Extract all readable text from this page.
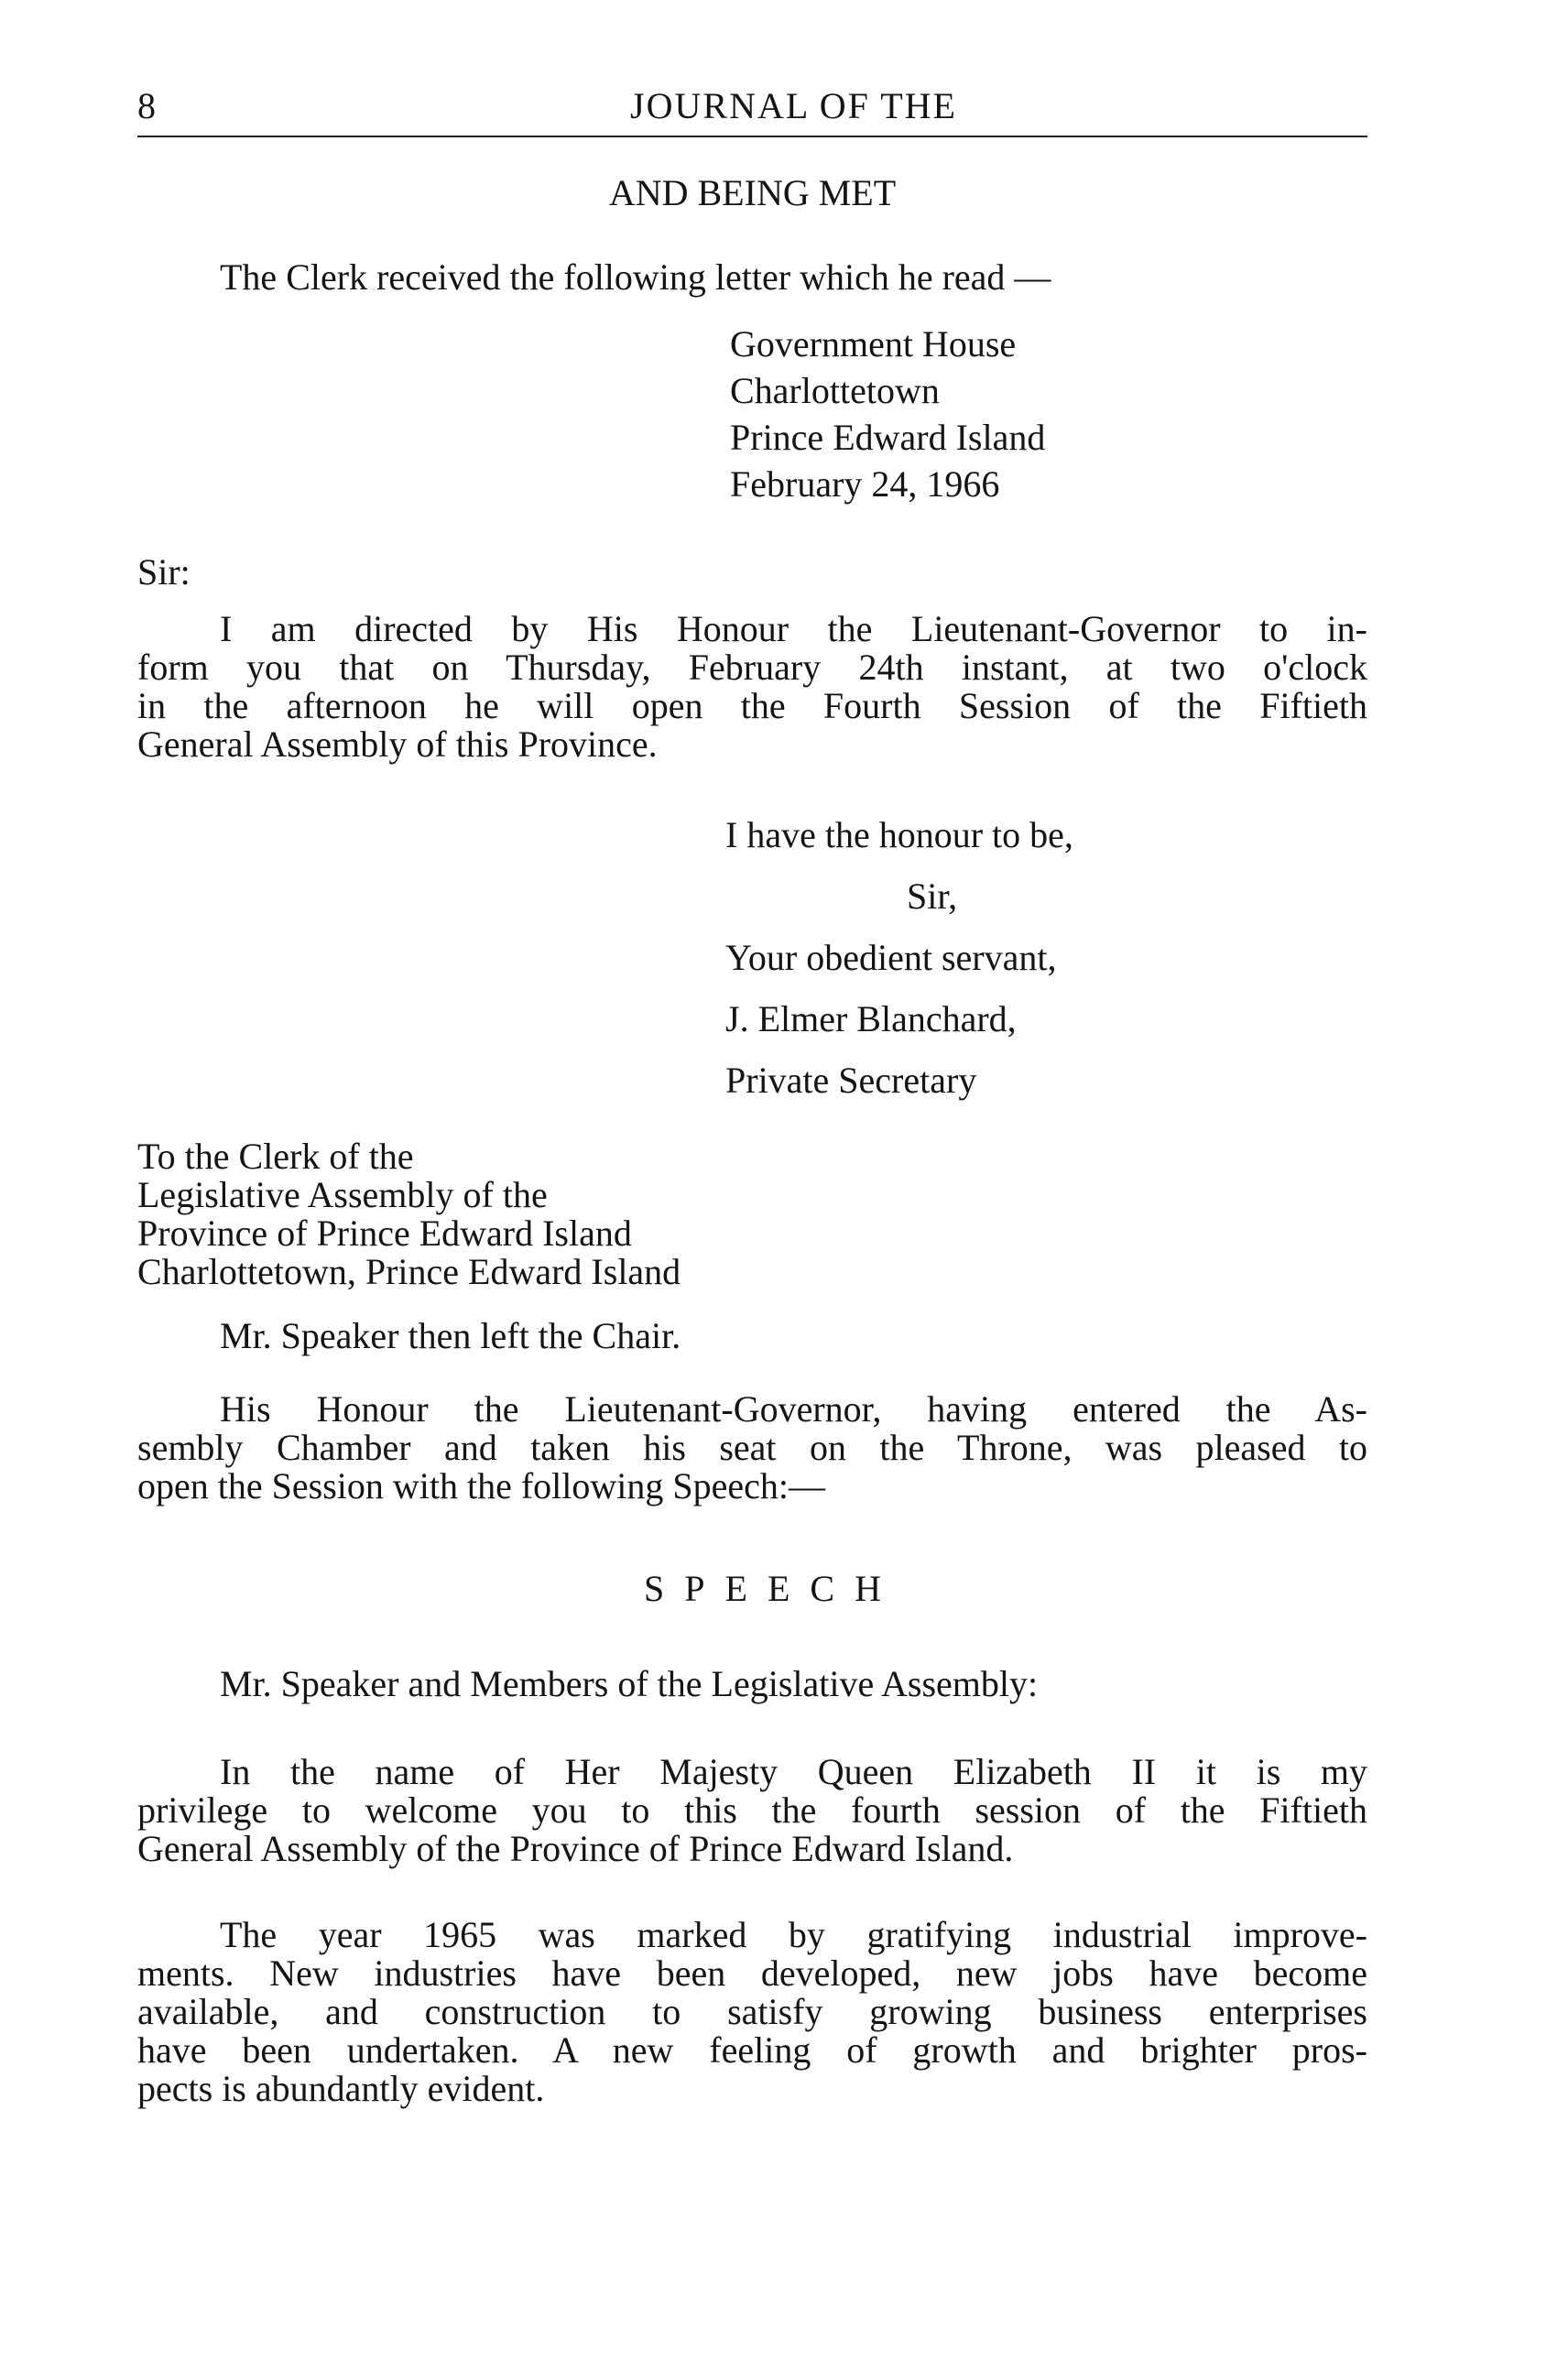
8	JOURNAL OF THE
AND BEING MET
The Clerk received the following letter which he read —
Government House
Charlottetown
Prince Edward Island
February 24, 1966
Sir:
I am directed by His Honour the Lieutenant-Governor to in-
form you that on Thursday, February 24th instant, at two o'clock
in the afternoon he will open the Fourth Session of the Fiftieth
General Assembly of this Province.
I have the honour to be,
Sir,
Your obedient servant,
J. Elmer Blanchard,
Private Secretary
To the Clerk of the
Legislative Assembly of the
Province of Prince Edward Island
Charlottetown, Prince Edward Island
Mr. Speaker then left the Chair.
His Honour the Lieutenant-Governor, having entered the As-
sembly Chamber and taken his seat on the Throne, was pleased to
open the Session with the following Speech:—
SPEECH
Mr. Speaker and Members of the Legislative Assembly:
In the name of Her Majesty Queen Elizabeth II it is my
privilege to welcome you to this the fourth session of the Fiftieth
General Assembly of the Province of Prince Edward Island.
The year 1965 was marked by gratifying industrial improve-
ments. New industries have been developed, new jobs have become
available, and construction to satisfy growing business enterprises
have been undertaken. A new feeling of growth and brighter pros-
pects is abundantly evident.
